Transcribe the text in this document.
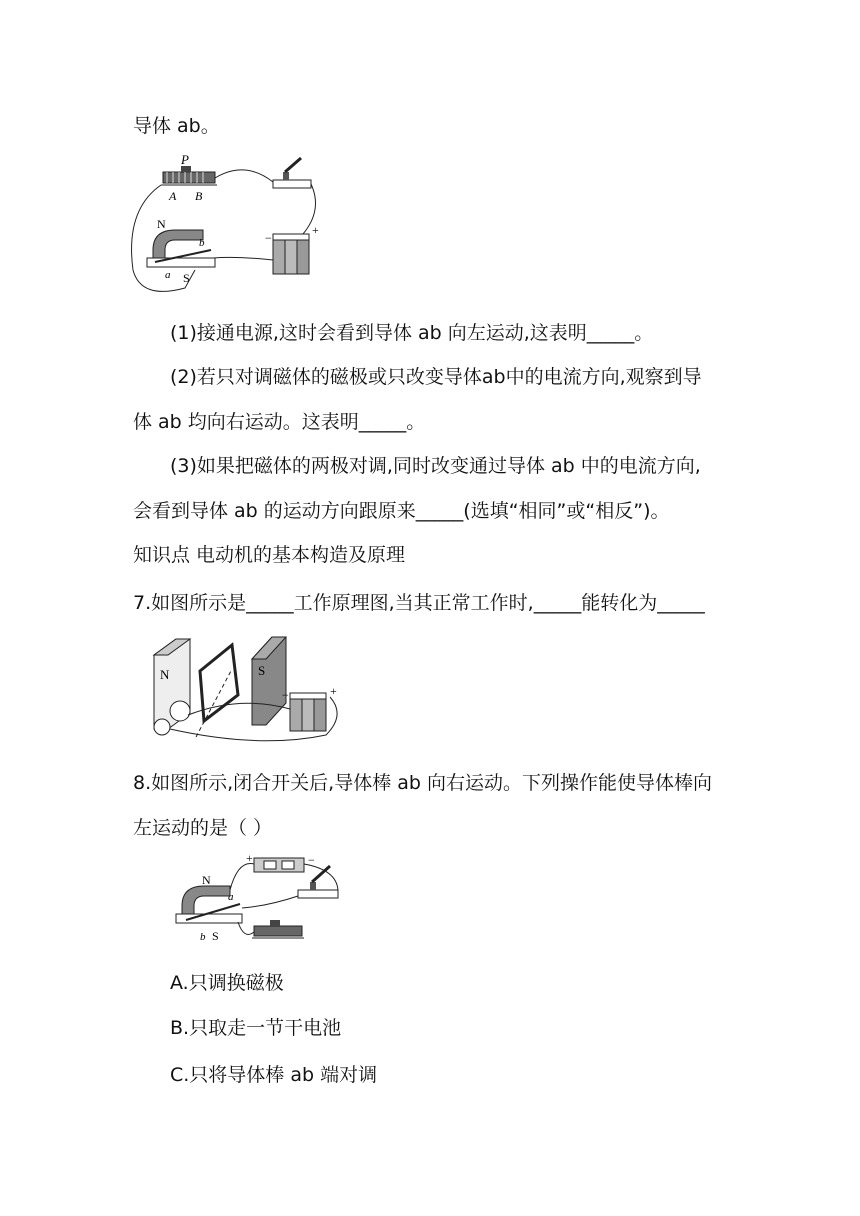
导体 ab。
P
A B
+
−
N
S
a
b
(1)接通电源,这时会看到导体 ab 向左运动,这表明_____。
(2)若只对调磁体的磁极或只改变导体ab中的电流方向,观察到导
体 ab 均向右运动。这表明_____。
(3)如果把磁体的两极对调,同时改变通过导体 ab 中的电流方向,
会看到导体 ab 的运动方向跟原来_____(选填“相同”或“相反”)。
知识点 电动机的基本构造及原理
7.如图所示是_____工作原理图,当其正常工作时,_____能转化为_____
N	S
+
−
8.如图所示,闭合开关后,导体棒 ab 向右运动。下列操作能使导体棒向
左运动的是（ ）
+	−
N
S
a
b
A.只调换磁极
B.只取走一节干电池
C.只将导体棒 ab 端对调
